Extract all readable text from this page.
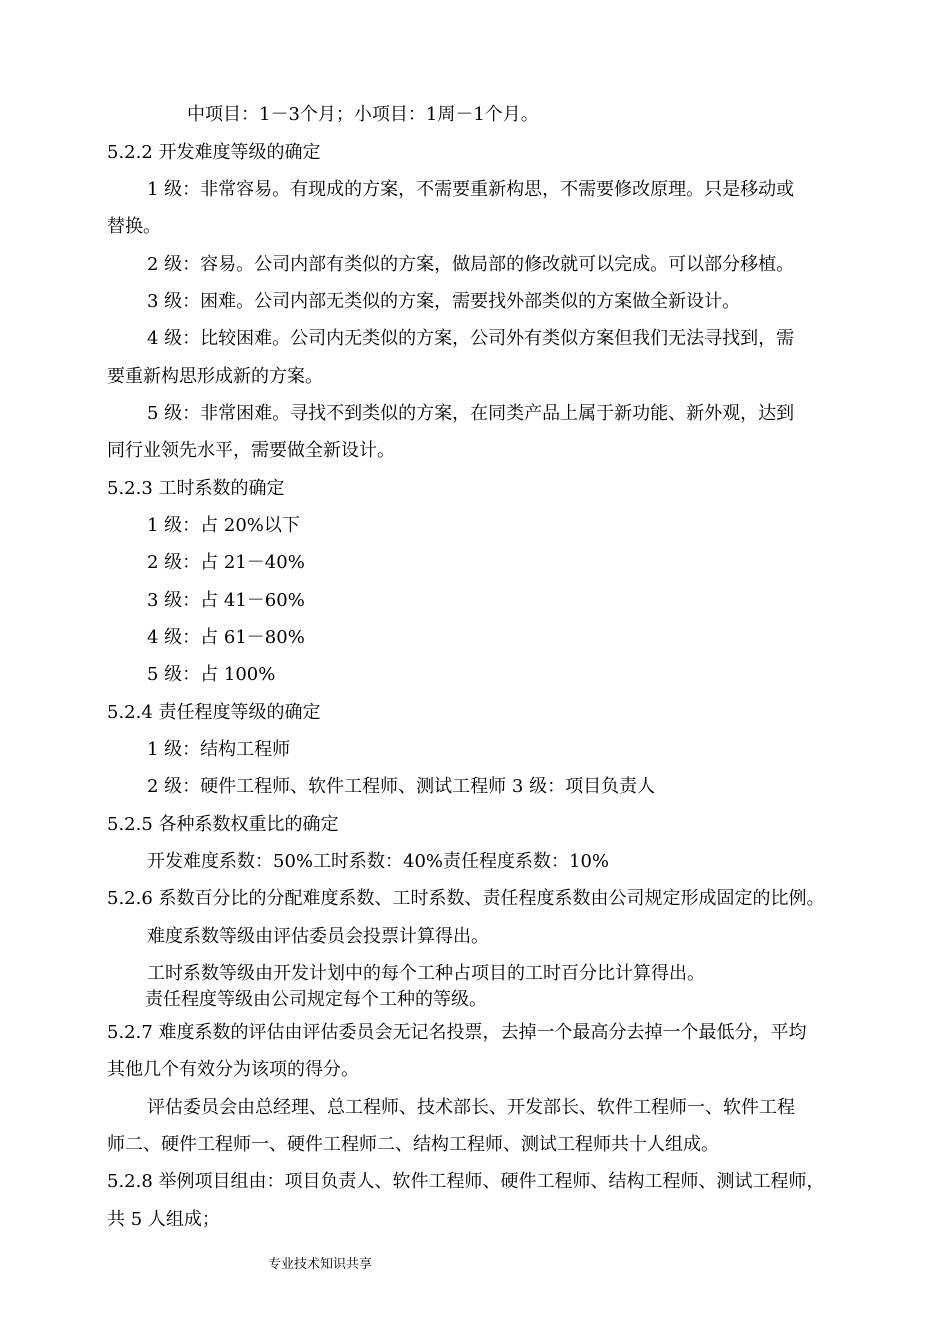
中项目：1－3个月；小项目：1周－1个月。
5.2.2 开发难度等级的确定
1 级：非常容易。有现成的方案，不需要重新构思，不需要修改原理。只是移动或
替换。
2 级：容易。公司内部有类似的方案，做局部的修改就可以完成。可以部分移植。
3 级：困难。公司内部无类似的方案，需要找外部类似的方案做全新设计。
4 级：比较困难。公司内无类似的方案，公司外有类似方案但我们无法寻找到，需
要重新构思形成新的方案。
5 级：非常困难。寻找不到类似的方案，在同类产品上属于新功能、新外观，达到
同行业领先水平，需要做全新设计。
5.2.3 工时系数的确定
1 级：占 20%以下
2 级：占 21－40%
3 级：占 41－60%
4 级：占 61－80%
5 级：占 100%
5.2.4 责任程度等级的确定
1 级：结构工程师
2 级：硬件工程师、软件工程师、测试工程师 3 级：项目负责人
5.2.5 各种系数权重比的确定
开发难度系数：50%工时系数：40%责任程度系数：10%
5.2.6 系数百分比的分配难度系数、工时系数、责任程度系数由公司规定形成固定的比例。
难度系数等级由评估委员会投票计算得出。
工时系数等级由开发计划中的每个工种占项目的工时百分比计算得出。
责任程度等级由公司规定每个工种的等级。
5.2.7 难度系数的评估由评估委员会无记名投票，去掉一个最高分去掉一个最低分，平均
其他几个有效分为该项的得分。
评估委员会由总经理、总工程师、技术部长、开发部长、软件工程师一、软件工程
师二、硬件工程师一、硬件工程师二、结构工程师、测试工程师共十人组成。
5.2.8 举例项目组由：项目负责人、软件工程师、硬件工程师、结构工程师、测试工程师，
共 5 人组成；
专业技术知识共享
